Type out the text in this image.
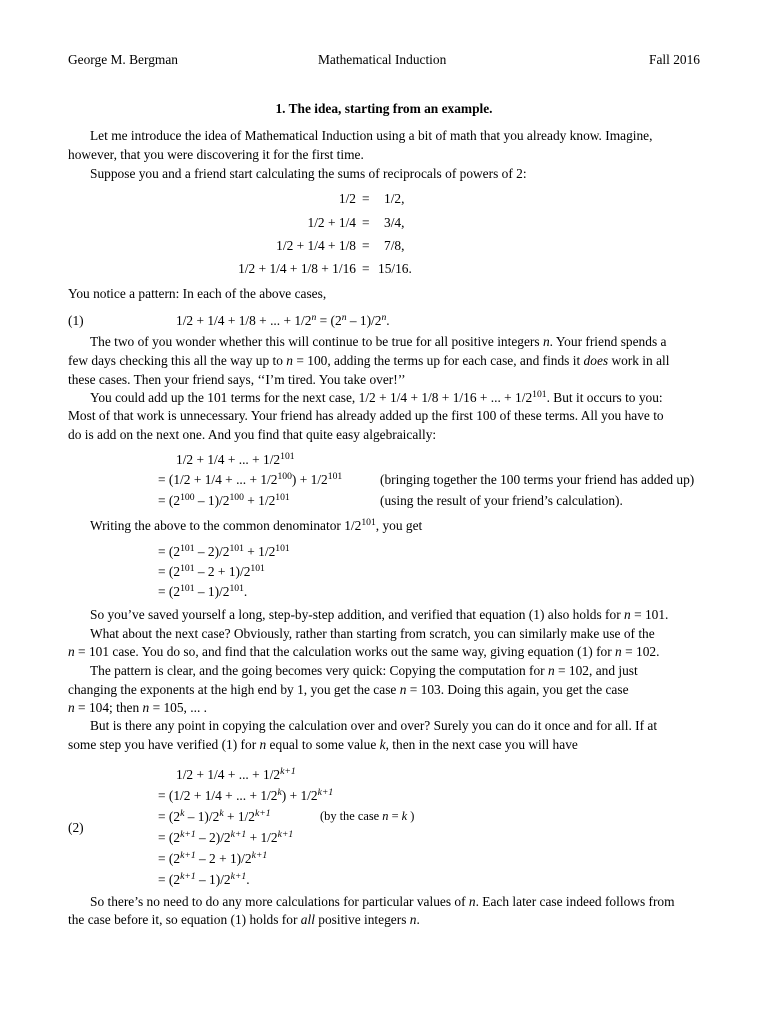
George M. Bergman	Mathematical Induction	Fall 2016
1. The idea, starting from an example.
Let me introduce the idea of Mathematical Induction using a bit of math that you already know. Imagine,
however, that you were discovering it for the first time.
Suppose you and a friend start calculating the sums of reciprocals of powers of 2:
1/2 = 1/2,
1/2 + 1/4 = 3/4,
1/2 + 1/4 + 1/8 = 7/8,
1/2 + 1/4 + 1/8 + 1/16 = 15/16.
You notice a pattern: In each of the above cases,
(1)	1/2 + 1/4 + 1/8 + ... + $1/2^n = (2^n - 1)/2^n$.
The two of you wonder whether this will continue to be true for all positive integers n. Your friend spends a
few days checking this all the way up to n = 100, adding the terms up for each case, and finds it does work in all
these cases. Then your friend says, ‘‘I’m tired. You take over!’’
You could add up the 101 terms for the next case, 1/2 + 1/4 + 1/8 + 1/16 + ... + $1/2^{101}$. But it occurs to you:
Most of that work is unnecessary. Your friend has already added up the first 100 of these terms. All you have to
do is add on the next one. And you find that quite easy algebraically:
1/2 + 1/4 + ... + $1/2^{101}$
= (1/2 + 1/4 + ... + $1/2^{100}) + 1/2^{101}$	(bringing together the 100 terms your friend has added up)
= $(2^{100} - 1)/2^{100} + 1/2^{101}$	(using the result of your friend’s calculation).
Writing the above to the common denominator $1/2^{101}$, you get
= $(2^{101} - 2)/2^{101} + 1/2^{101}$
= $(2^{101} - 2 + 1)/2^{101}$
= $(2^{101} - 1)/2^{101}$.
So you’ve saved yourself a long, step-by-step addition, and verified that equation (1) also holds for n = 101.
What about the next case? Obviously, rather than starting from scratch, you can similarly make use of the
n = 101 case. You do so, and find that the calculation works out the same way, giving equation (1) for n = 102.
The pattern is clear, and the going becomes very quick: Copying the computation for n = 102, and just
changing the exponents at the high end by 1, you get the case n = 103. Doing this again, you get the case
n = 104; then n = 105, ... .
But is there any point in copying the calculation over and over? Surely you can do it once and for all. If at
some step you have verified (1) for n equal to some value k, then in the next case you will have
(2)
1/2 + 1/4 + ... + $1/2^{k+1}$
= (1/2 + 1/4 + ... + $1/2^k) + 1/2^{k+1}$
= $(2^k - 1)/2^k + 1/2^{k+1}$	(by the case n = k )
= $(2^{k+1} - 2)/2^{k+1} + 1/2^{k+1}$
= $(2^{k+1} - 2 + 1)/2^{k+1}$
= $(2^{k+1} - 1)/2^{k+1}$.
So there’s no need to do any more calculations for particular values of n. Each later case indeed follows from
the case before it, so equation (1) holds for all positive integers n.
